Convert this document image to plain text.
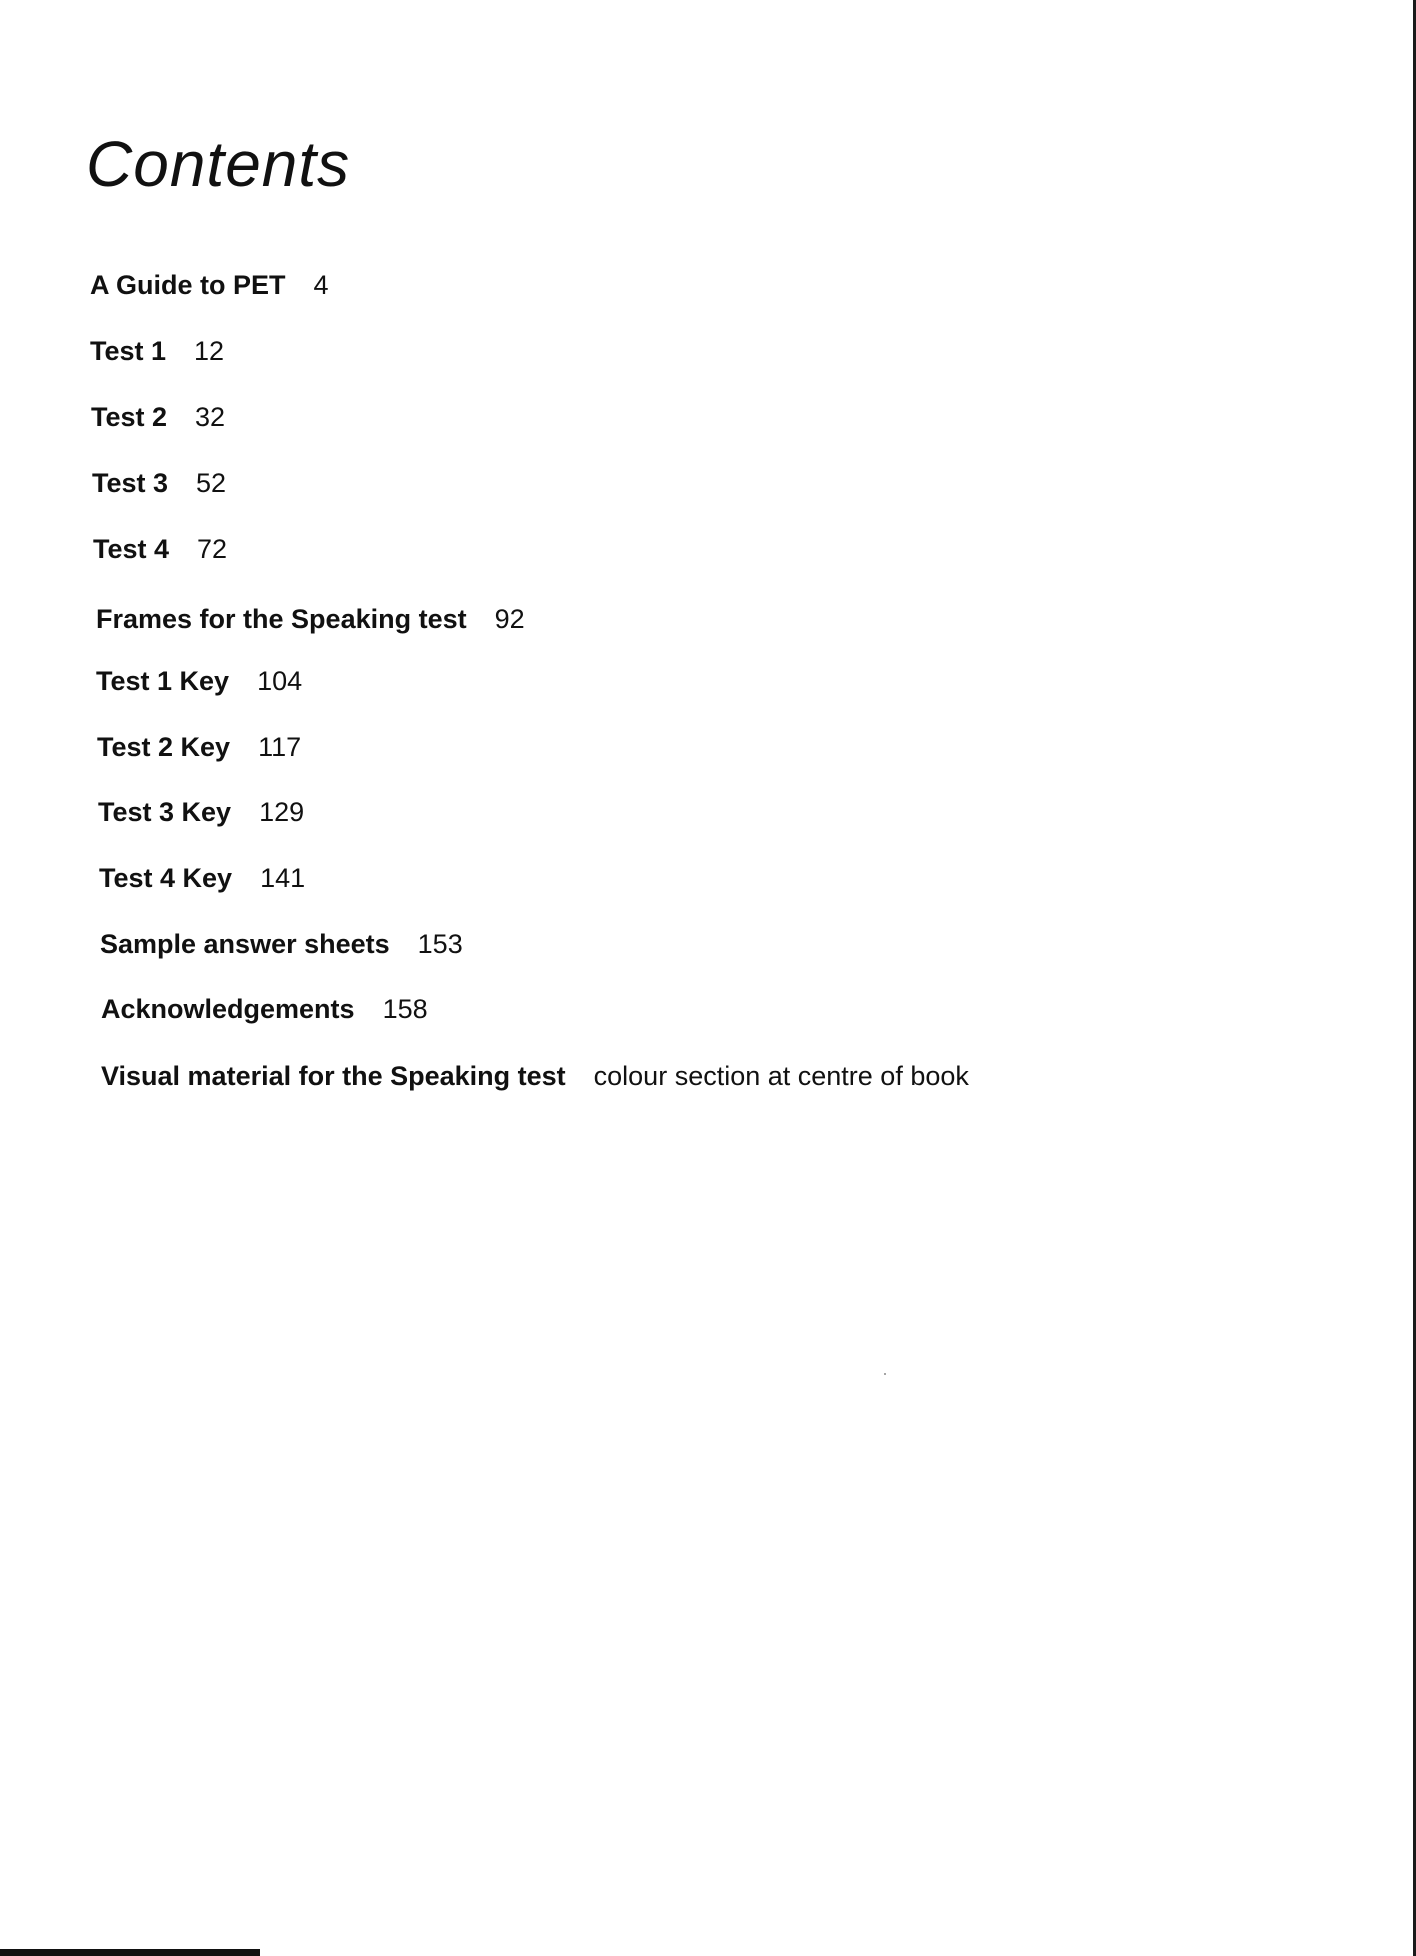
Contents
A Guide to PET 4
Test 1 12
Test 2 32
Test 3 52
Test 4 72
Frames for the Speaking test 92
Test 1 Key 104
Test 2 Key 117
Test 3 Key 129
Test 4 Key 141
Sample answer sheets 153
Acknowledgements 158
Visual material for the Speaking test colour section at centre of book
